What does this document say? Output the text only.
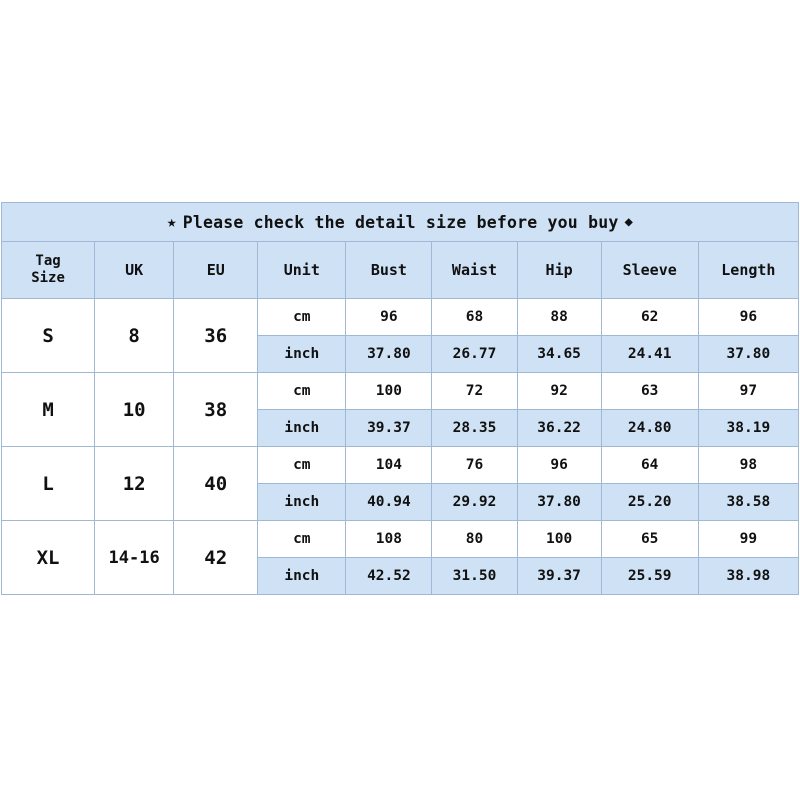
★ Please check the detail size before you buy ◆								

Tag
Size	UK	EU	Unit	Bust	Waist	Hip	Sleeve	Length
S	8	36	cm	96	68	88	62	96
			inch	37.80	26.77	34.65	24.41	37.80
M	10	38	cm	100	72	92	63	97
			inch	39.37	28.35	36.22	24.80	38.19
L	12	40	cm	104	76	96	64	98
			inch	40.94	29.92	37.80	25.20	38.58
XL	14-16	42	cm	108	80	100	65	99
			inch	42.52	31.50	39.37	25.59	38.98
